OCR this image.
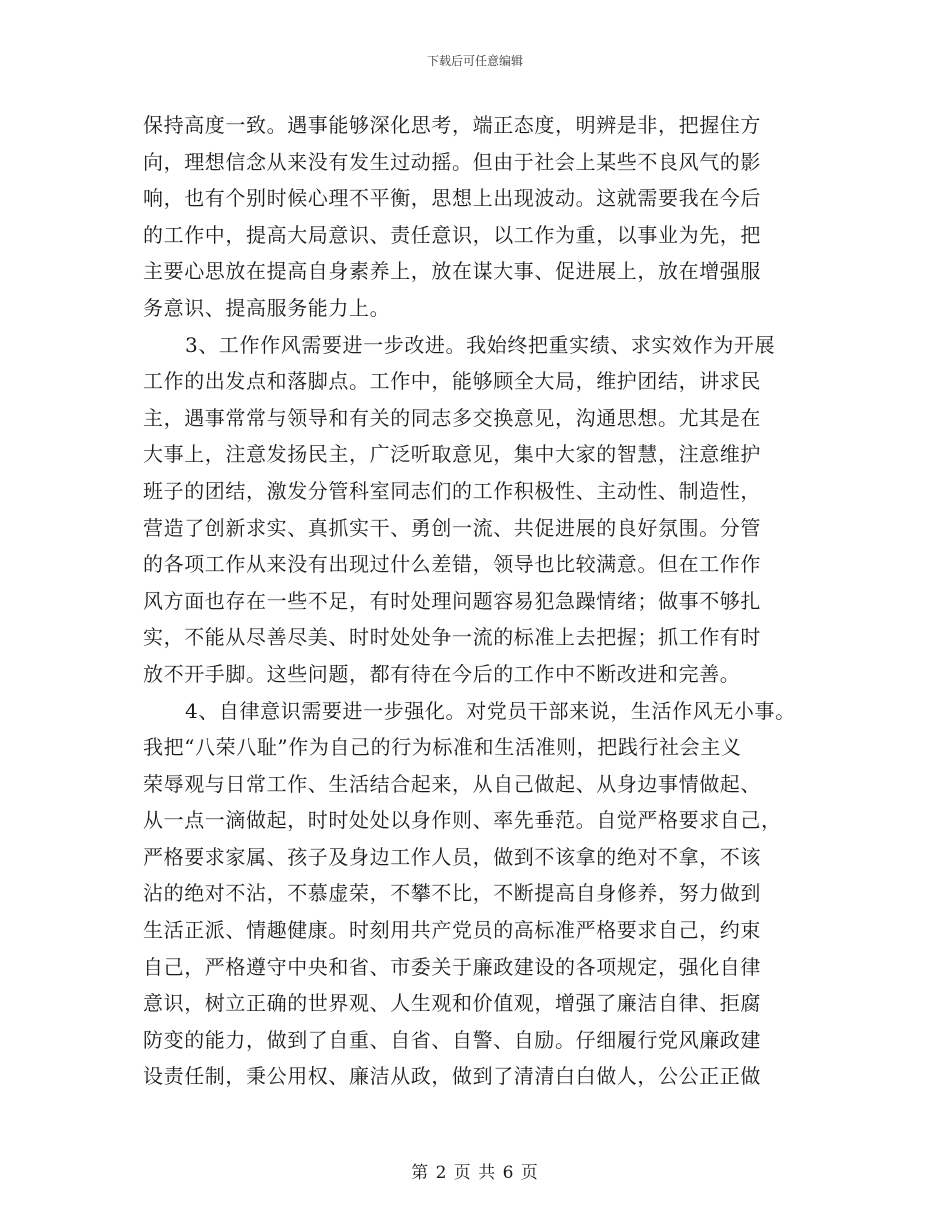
下载后可任意编辑
保持高度一致。遇事能够深化思考，端正态度，明辨是非，把握住方
向，理想信念从来没有发生过动摇。但由于社会上某些不良风气的影
响，也有个别时候心理不平衡，思想上出现波动。这就需要我在今后
的工作中，提高大局意识、责任意识，以工作为重，以事业为先，把
主要心思放在提高自身素养上，放在谋大事、促进展上，放在增强服
务意识、提高服务能力上。
3、工作作风需要进一步改进。我始终把重实绩、求实效作为开展
工作的出发点和落脚点。工作中，能够顾全大局，维护团结，讲求民
主，遇事常常与领导和有关的同志多交换意见，沟通思想。尤其是在
大事上，注意发扬民主，广泛听取意见，集中大家的智慧，注意维护
班子的团结，激发分管科室同志们的工作积极性、主动性、制造性，
营造了创新求实、真抓实干、勇创一流、共促进展的良好氛围。分管
的各项工作从来没有出现过什么差错，领导也比较满意。但在工作作
风方面也存在一些不足，有时处理问题容易犯急躁情绪；做事不够扎
实，不能从尽善尽美、时时处处争一流的标准上去把握；抓工作有时
放不开手脚。这些问题，都有待在今后的工作中不断改进和完善。
4、自律意识需要进一步强化。对党员干部来说，生活作风无小事。
我把“八荣八耻”作为自己的行为标准和生活准则，把践行社会主义
荣辱观与日常工作、生活结合起来，从自己做起、从身边事情做起、
从一点一滴做起，时时处处以身作则、率先垂范。自觉严格要求自己，
严格要求家属、孩子及身边工作人员，做到不该拿的绝对不拿，不该
沾的绝对不沾，不慕虚荣，不攀不比，不断提高自身修养，努力做到
生活正派、情趣健康。时刻用共产党员的高标准严格要求自己，约束
自己，严格遵守中央和省、市委关于廉政建设的各项规定，强化自律
意识，树立正确的世界观、人生观和价值观，增强了廉洁自律、拒腐
防变的能力，做到了自重、自省、自警、自励。仔细履行党风廉政建
设责任制，秉公用权、廉洁从政，做到了清清白白做人，公公正正做
第 2 页 共 6 页
